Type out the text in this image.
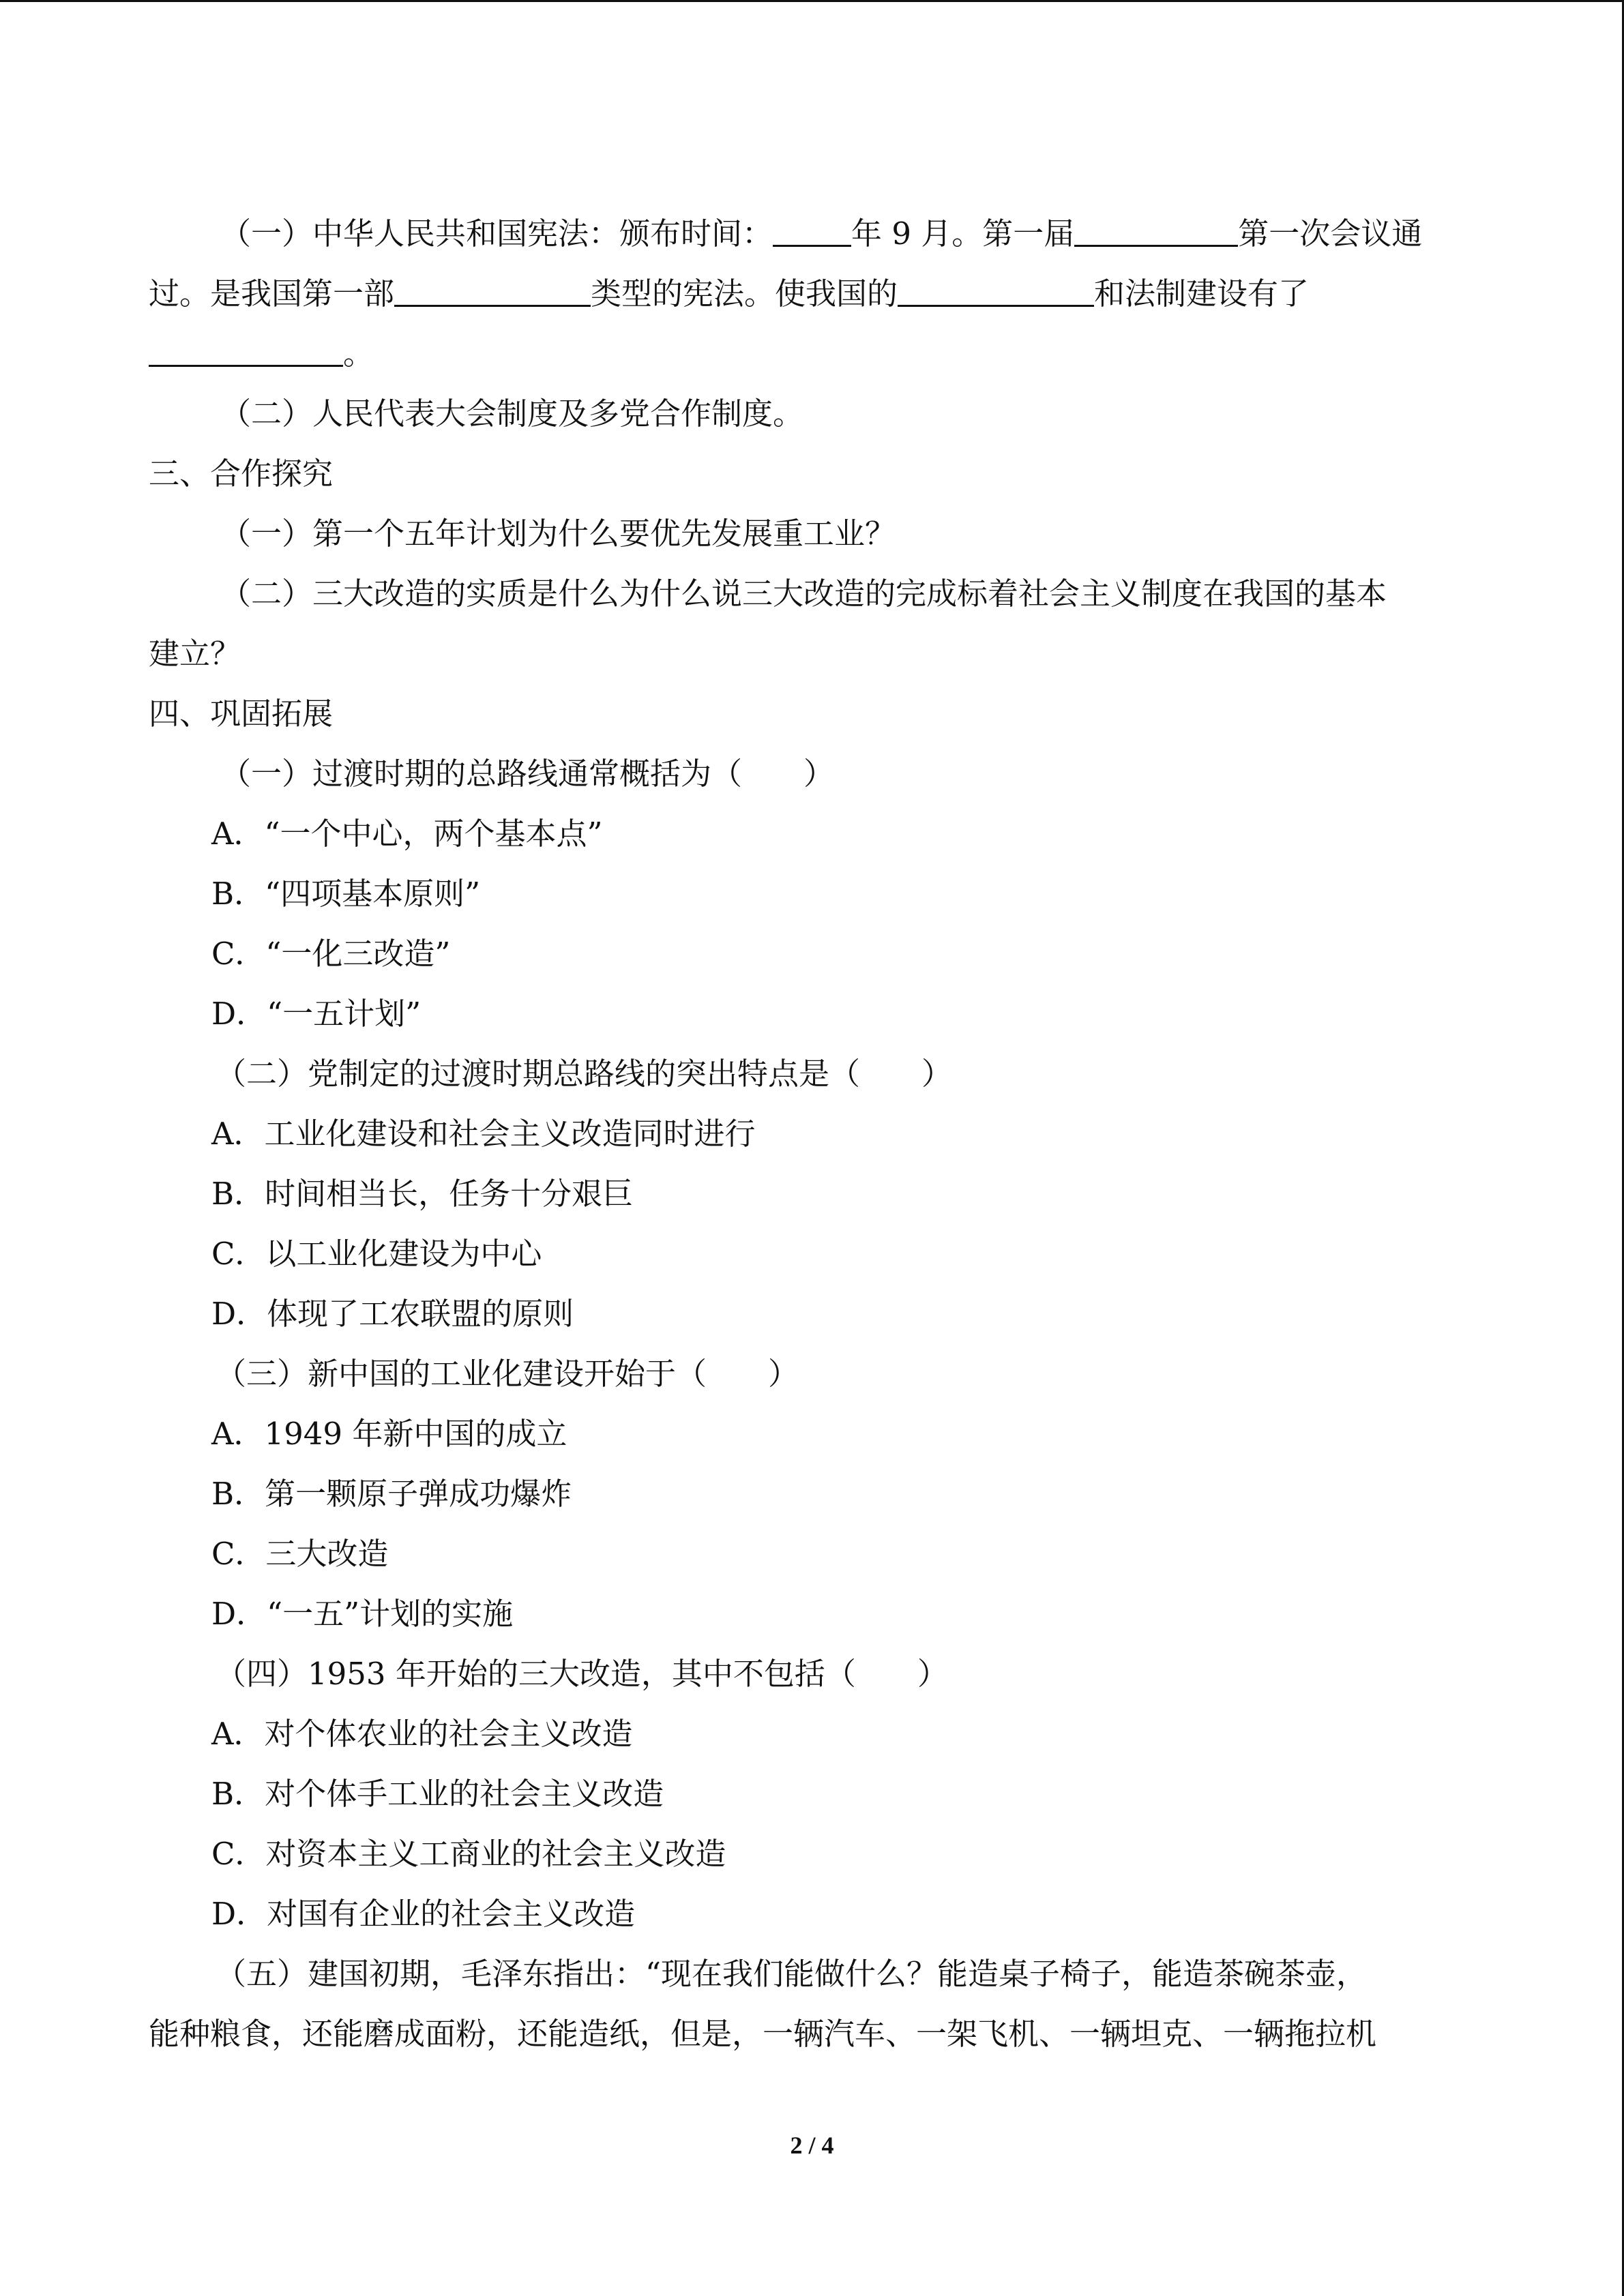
（一）中华人民共和国宪法：颁布时间：	年 9 月。第一届	第一次会议通
过。是我国第一部	类型的宪法。使我国的	和法制建设有了
。
（二）人民代表大会制度及多党合作制度。
三、合作探究
（一）第一个五年计划为什么要优先发展重工业？
（二）三大改造的实质是什么为什么说三大改造的完成标着社会主义制度在我国的基本
建立？
四、巩固拓展
（一）过渡时期的总路线通常概括为（ ）
A．“一个中心，两个基本点”
B．“四项基本原则”
C．“一化三改造”
D．“一五计划”
（二）党制定的过渡时期总路线的突出特点是（ ）
A．工业化建设和社会主义改造同时进行
B．时间相当长，任务十分艰巨
C．以工业化建设为中心
D．体现了工农联盟的原则
（三）新中国的工业化建设开始于（ ）
A．1949 年新中国的成立
B．第一颗原子弹成功爆炸
C．三大改造
D．“一五”计划的实施
（四）1953 年开始的三大改造，其中不包括（ ）
A．对个体农业的社会主义改造
B．对个体手工业的社会主义改造
C．对资本主义工商业的社会主义改造
D．对国有企业的社会主义改造
（五）建国初期，毛泽东指出：“现在我们能做什么？能造桌子椅子，能造茶碗茶壶，
能种粮食，还能磨成面粉，还能造纸，但是，一辆汽车、一架飞机、一辆坦克、一辆拖拉机
2 / 4
